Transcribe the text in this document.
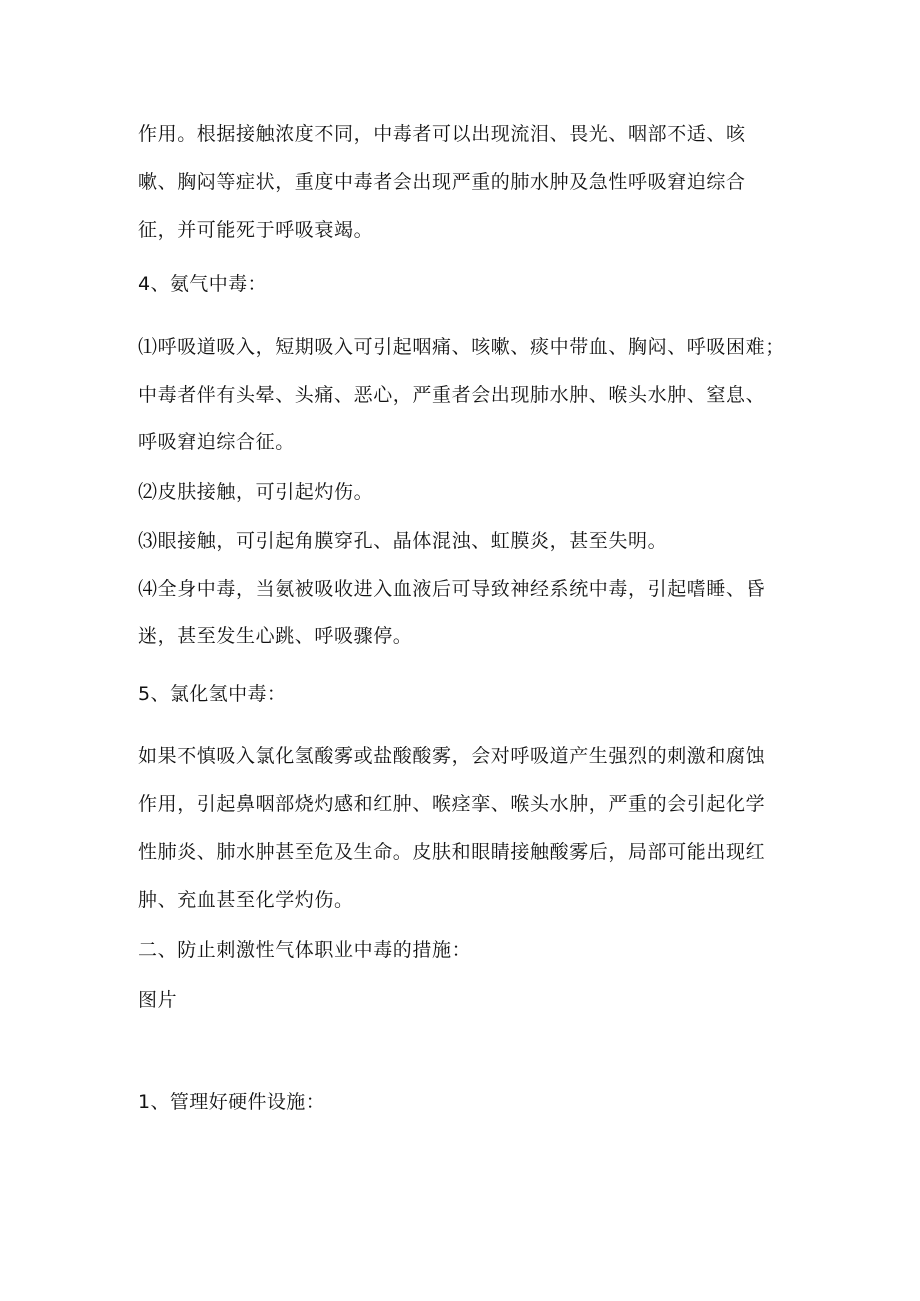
作用。根据接触浓度不同，中毒者可以出现流泪、畏光、咽部不适、咳
嗽、胸闷等症状，重度中毒者会出现严重的肺水肿及急性呼吸窘迫综合
征，并可能死于呼吸衰竭。
4、氨气中毒：
⑴呼吸道吸入，短期吸入可引起咽痛、咳嗽、痰中带血、胸闷、呼吸困难；
中毒者伴有头晕、头痛、恶心，严重者会出现肺水肿、喉头水肿、窒息、
呼吸窘迫综合征。
⑵皮肤接触，可引起灼伤。
⑶眼接触，可引起角膜穿孔、晶体混浊、虹膜炎，甚至失明。
⑷全身中毒，当氨被吸收进入血液后可导致神经系统中毒，引起嗜睡、昏
迷，甚至发生心跳、呼吸骤停。
5、氯化氢中毒：
如果不慎吸入氯化氢酸雾或盐酸酸雾，会对呼吸道产生强烈的刺激和腐蚀
作用，引起鼻咽部烧灼感和红肿、喉痉挛、喉头水肿，严重的会引起化学
性肺炎、肺水肿甚至危及生命。皮肤和眼睛接触酸雾后，局部可能出现红
肿、充血甚至化学灼伤。
二、防止刺激性气体职业中毒的措施：
图片
1、管理好硬件设施：
